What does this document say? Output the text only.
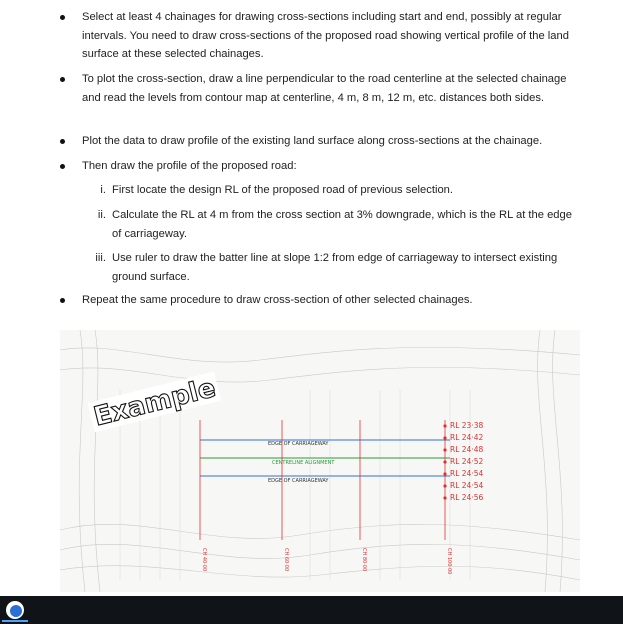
Select at least 4 chainages for drawing cross-sections including start and end, possibly at regular intervals. You need to draw cross-sections of the proposed road showing vertical profile of the land surface at these selected chainages.
To plot the cross-section, draw a line perpendicular to the road centerline at the selected chainage and read the levels from contour map at centerline, 4 m, 8 m, 12 m, etc. distances both sides.
Plot the data to draw profile of the existing land surface along cross-sections at the chainage.
Then draw the profile of the proposed road:
i. First locate the design RL of the proposed road of previous selection.
ii. Calculate the RL at 4 m from the cross section at 3% downgrade, which is the RL at the edge of carriageway.
iii. Use ruler to draw the batter line at slope 1:2 from edge of carriageway to intersect existing ground surface.
Repeat the same procedure to draw cross-section of other selected chainages.
Example
EDGE OF CARRIAGEWAY
CENTRELINE ALIGNMENT
EDGE OF CARRIAGEWAY
RL 23·38
RL 24·42
RL 24·48
RL 24·52
RL 24·54
RL 24·54
RL 24·56
CH 40·00	CH 60·00	CH 80·00	CH 100·00
